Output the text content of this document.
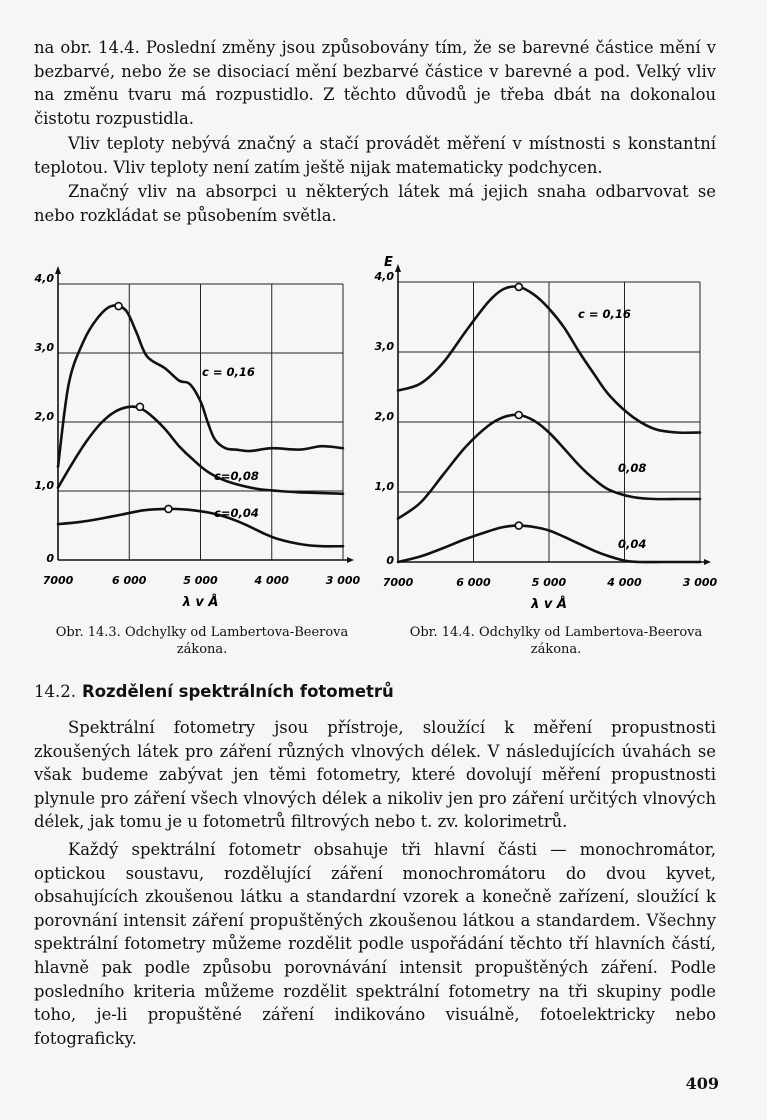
na obr. 14.4. Poslední změny jsou způsobovány tím, že se barevné částice mění v bezbarvé, nebo že se disociací mění bezbarvé částice v barevné a pod. Velký vliv na změnu tvaru má rozpustidlo. Z těchto důvodů je třeba dbát na dokonalou čistotu rozpustidla.

Vliv teploty nebývá značný a stačí provádět měření v místnosti s konstantní teplotou. Vliv teploty není zatím ještě nijak matematicky podchycen.

Značný vliv na absorpci u některých látek má jejich snaha odbarvovat se nebo rozkládat se působením světla.

0
1,0
2,0
3,0
4,0
7000	6 000	5 000	4 000	3 000
λ v Å
c = 0,16
c=0,08
c=0,04
0
1,0
2,0
3,0
4,0
7000	6 000	5 000	4 000	3 000
λ v Å
E
c = 0,16
0,08
0,04
Obr. 14.3. Odchylky od Lambertova-Beerova zákona.
Obr. 14.4. Odchylky od Lambertova-Beerova zákona.
14.2. Rozdělení spektrálních fotometrů

Spektrální fotometry jsou přístroje, sloužící k měření propustnosti zkoušených látek pro záření různých vlnových délek. V následujících úvahách se však budeme zabývat jen těmi fotometry, které dovolují měření propustnosti plynule pro záření všech vlnových délek a nikoliv jen pro záření určitých vlnových délek, jak tomu je u fotometrů filtrových nebo t. zv. kolorimetrů.

Každý spektrální fotometr obsahuje tři hlavní části — monochromátor, optickou soustavu, rozdělující záření monochromátoru do dvou kyvet, obsahujících zkoušenou látku a standardní vzorek a konečně zařízení, sloužící k porovnání intensit záření propuštěných zkoušenou látkou a standardem. Všechny spektrální fotometry můžeme rozdělit podle uspořádání těchto tří hlavních částí, hlavně pak podle způsobu porovnávání intensit propuštěných záření. Podle posledního kriteria můžeme rozdělit spektrální fotometry na tři skupiny podle toho, je-li propuštěné záření indikováno visuálně, fotoelektricky nebo fotograficky.

409
